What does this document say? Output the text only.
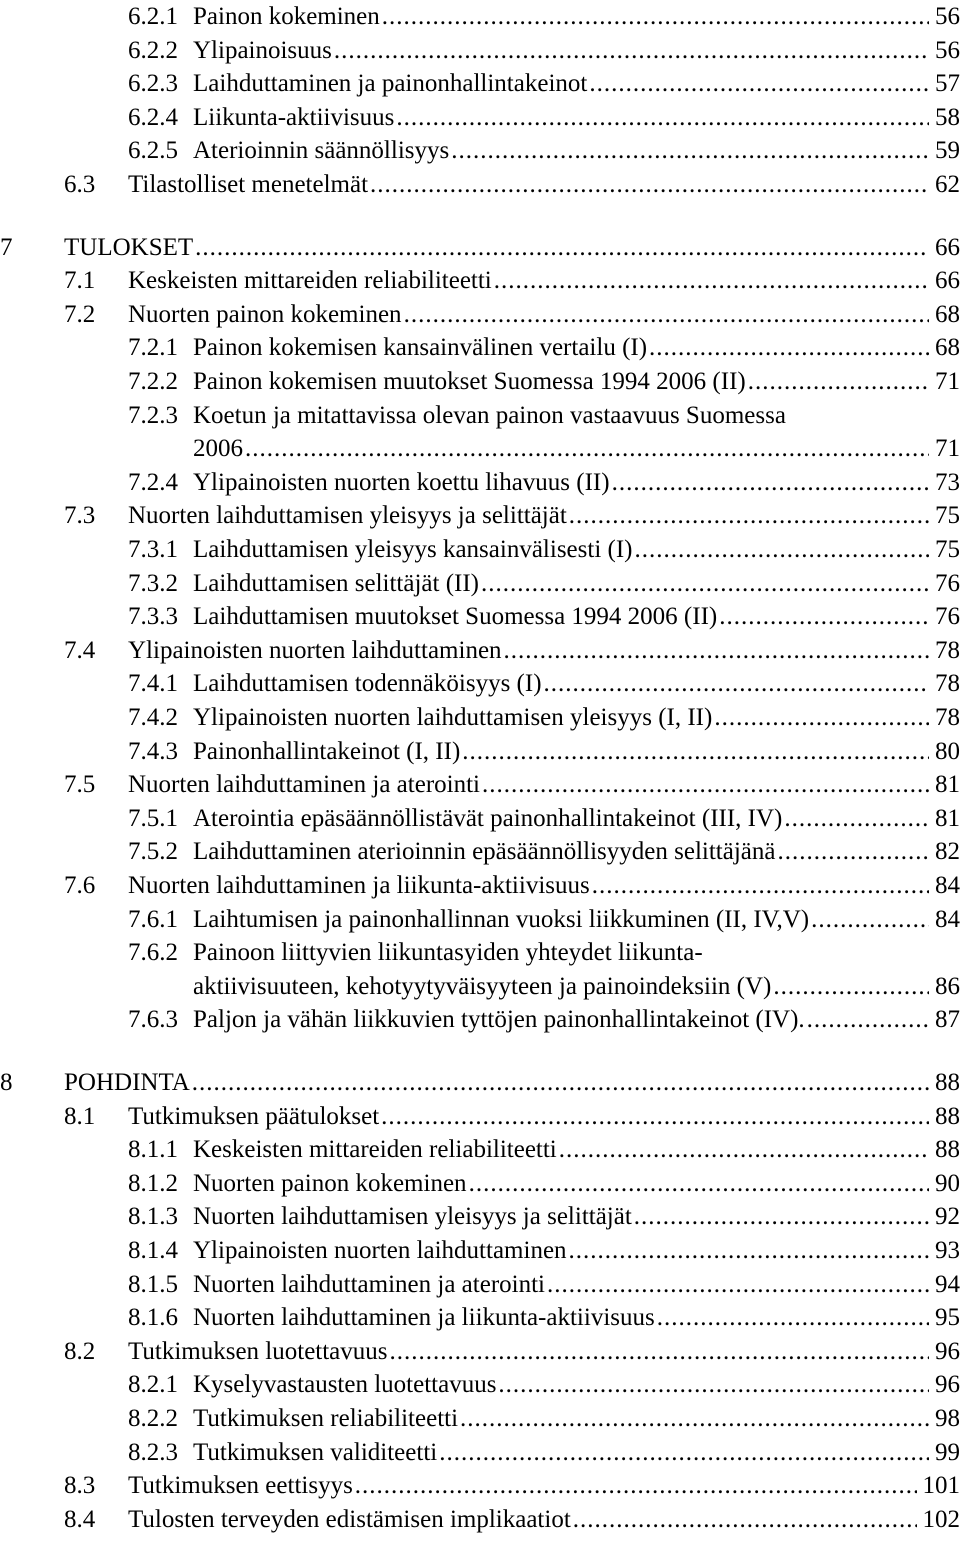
6.2.1 Painon kokeminen .....	56
6.2.2 Ylipainoisuus .....	56
6.2.3 Laihduttaminen ja painonhallintakeinot .....	57
6.2.4 Liikunta-aktiivisuus .....	58
6.2.5 Aterioinnin säännöllisyys .....	59
6.3 Tilastolliset menetelmät .....	62
7 TULOKSET .....	66
7.1 Keskeisten mittareiden reliabiliteetti .....	66
7.2 Nuorten painon kokeminen .....	68
7.2.1 Painon kokemisen kansainvälinen vertailu (I) .....	68
7.2.2 Painon kokemisen muutokset Suomessa 1994 2006 (II) .....	71
7.2.3 Koetun ja mitattavissa olevan painon vastaavuus Suomessa
2006 .....	71
7.2.4 Ylipainoisten nuorten koettu lihavuus (II) .....	73
7.3 Nuorten laihduttamisen yleisyys ja selittäjät .....	75
7.3.1 Laihduttamisen yleisyys kansainvälisesti (I) .....	75
7.3.2 Laihduttamisen selittäjät (II) .....	76
7.3.3 Laihduttamisen muutokset Suomessa 1994 2006 (II) .....	76
7.4 Ylipainoisten nuorten laihduttaminen .....	78
7.4.1 Laihduttamisen todennäköisyys (I) .....	78
7.4.2 Ylipainoisten nuorten laihduttamisen yleisyys (I, II) .....	78
7.4.3 Painonhallintakeinot (I, II) .....	80
7.5 Nuorten laihduttaminen ja aterointi .....	81
7.5.1 Aterointia epäsäännöllistävät painonhallintakeinot (III, IV) .....	81
7.5.2 Laihduttaminen aterioinnin epäsäännöllisyyden selittäjänä .....	82
7.6 Nuorten laihduttaminen ja liikunta-aktiivisuus .....	84
7.6.1 Laihtumisen ja painonhallinnan vuoksi liikkuminen (II, IV,V) .....	84
7.6.2 Painoon liittyvien liikuntasyiden yhteydet liikunta-
aktiivisuuteen, kehotyytyväisyyteen ja painoindeksiin (V) .....	86
7.6.3 Paljon ja vähän liikkuvien tyttöjen painonhallintakeinot (IV). .....	87
8 POHDINTA .....	88
8.1 Tutkimuksen päätulokset .....	88
8.1.1 Keskeisten mittareiden reliabiliteetti .....	88
8.1.2 Nuorten painon kokeminen .....	90
8.1.3 Nuorten laihduttamisen yleisyys ja selittäjät .....	92
8.1.4 Ylipainoisten nuorten laihduttaminen .....	93
8.1.5 Nuorten laihduttaminen ja aterointi .....	94
8.1.6 Nuorten laihduttaminen ja liikunta-aktiivisuus .....	95
8.2 Tutkimuksen luotettavuus .....	96
8.2.1 Kyselyvastausten luotettavuus .....	96
8.2.2 Tutkimuksen reliabiliteetti .....	98
8.2.3 Tutkimuksen validiteetti .....	99
8.3 Tutkimuksen eettisyys .....	101
8.4 Tulosten terveyden edistämisen implikaatiot .....	102
